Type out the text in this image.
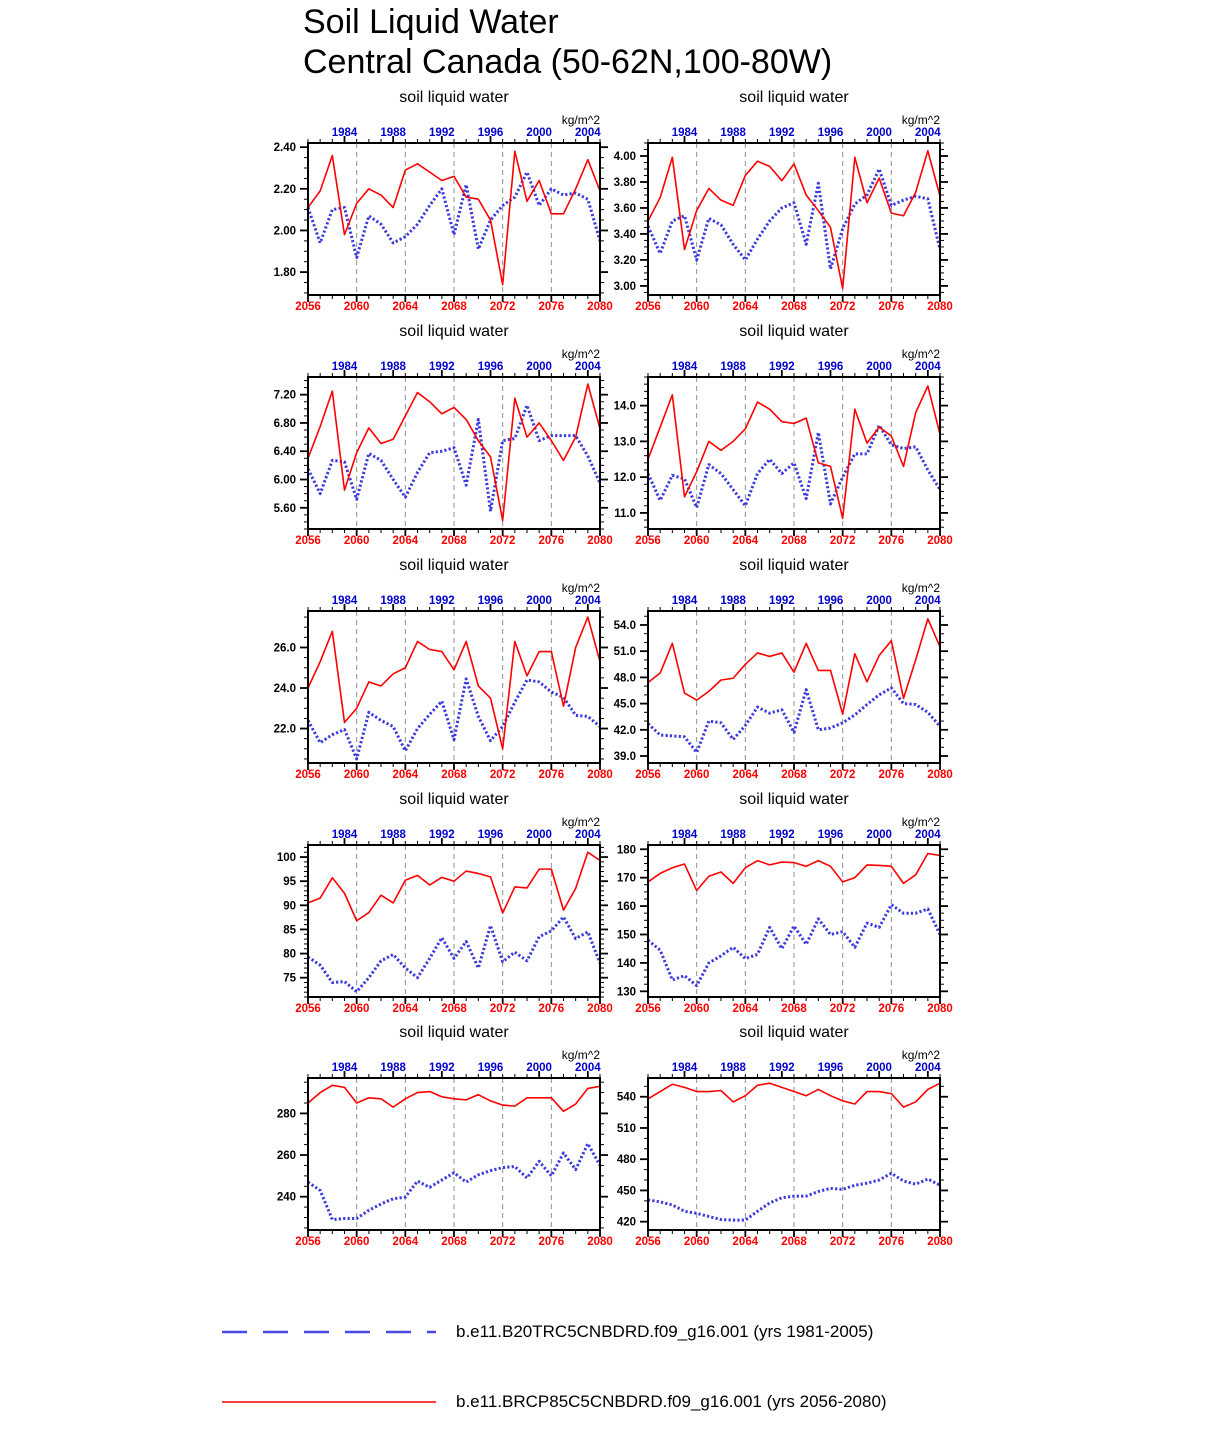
Soil Liquid Water
Central Canada (50-62N,100-80W)
soil liquid water
kg/m^2
1.80
2.00
2.20
2.40
1984 1988 1992 1996 2000 2004
2056 2060 2064 2068 2072 2076 2080
soil liquid water
kg/m^2
3.00
3.20
3.40
3.60
3.80
4.00
1984 1988 1992 1996 2000 2004
2056 2060 2064 2068 2072 2076 2080
soil liquid water
kg/m^2
5.60
6.00
6.40
6.80
7.20
1984 1988 1992 1996 2000 2004
2056 2060 2064 2068 2072 2076 2080
soil liquid water
kg/m^2
11.0
12.0
13.0
14.0
1984 1988 1992 1996 2000 2004
2056 2060 2064 2068 2072 2076 2080
soil liquid water
kg/m^2
22.0
24.0
26.0
1984 1988 1992 1996 2000 2004
2056 2060 2064 2068 2072 2076 2080
soil liquid water
kg/m^2
39.0
42.0
45.0
48.0
51.0
54.0
1984 1988 1992 1996 2000 2004
2056 2060 2064 2068 2072 2076 2080
soil liquid water
kg/m^2
75
80
85
90
95
100
1984 1988 1992 1996 2000 2004
2056 2060 2064 2068 2072 2076 2080
soil liquid water
kg/m^2
130
140
150
160
170
180
1984 1988 1992 1996 2000 2004
2056 2060 2064 2068 2072 2076 2080
soil liquid water
kg/m^2
240
260
280
1984 1988 1992 1996 2000 2004
2056 2060 2064 2068 2072 2076 2080
soil liquid water
kg/m^2
420
450
480
510
540
1984 1988 1992 1996 2000 2004
2056 2060 2064 2068 2072 2076 2080
b.e11.B20TRC5CNBDRD.f09_g16.001 (yrs 1981-2005)
b.e11.BRCP85C5CNBDRD.f09_g16.001 (yrs 2056-2080)
